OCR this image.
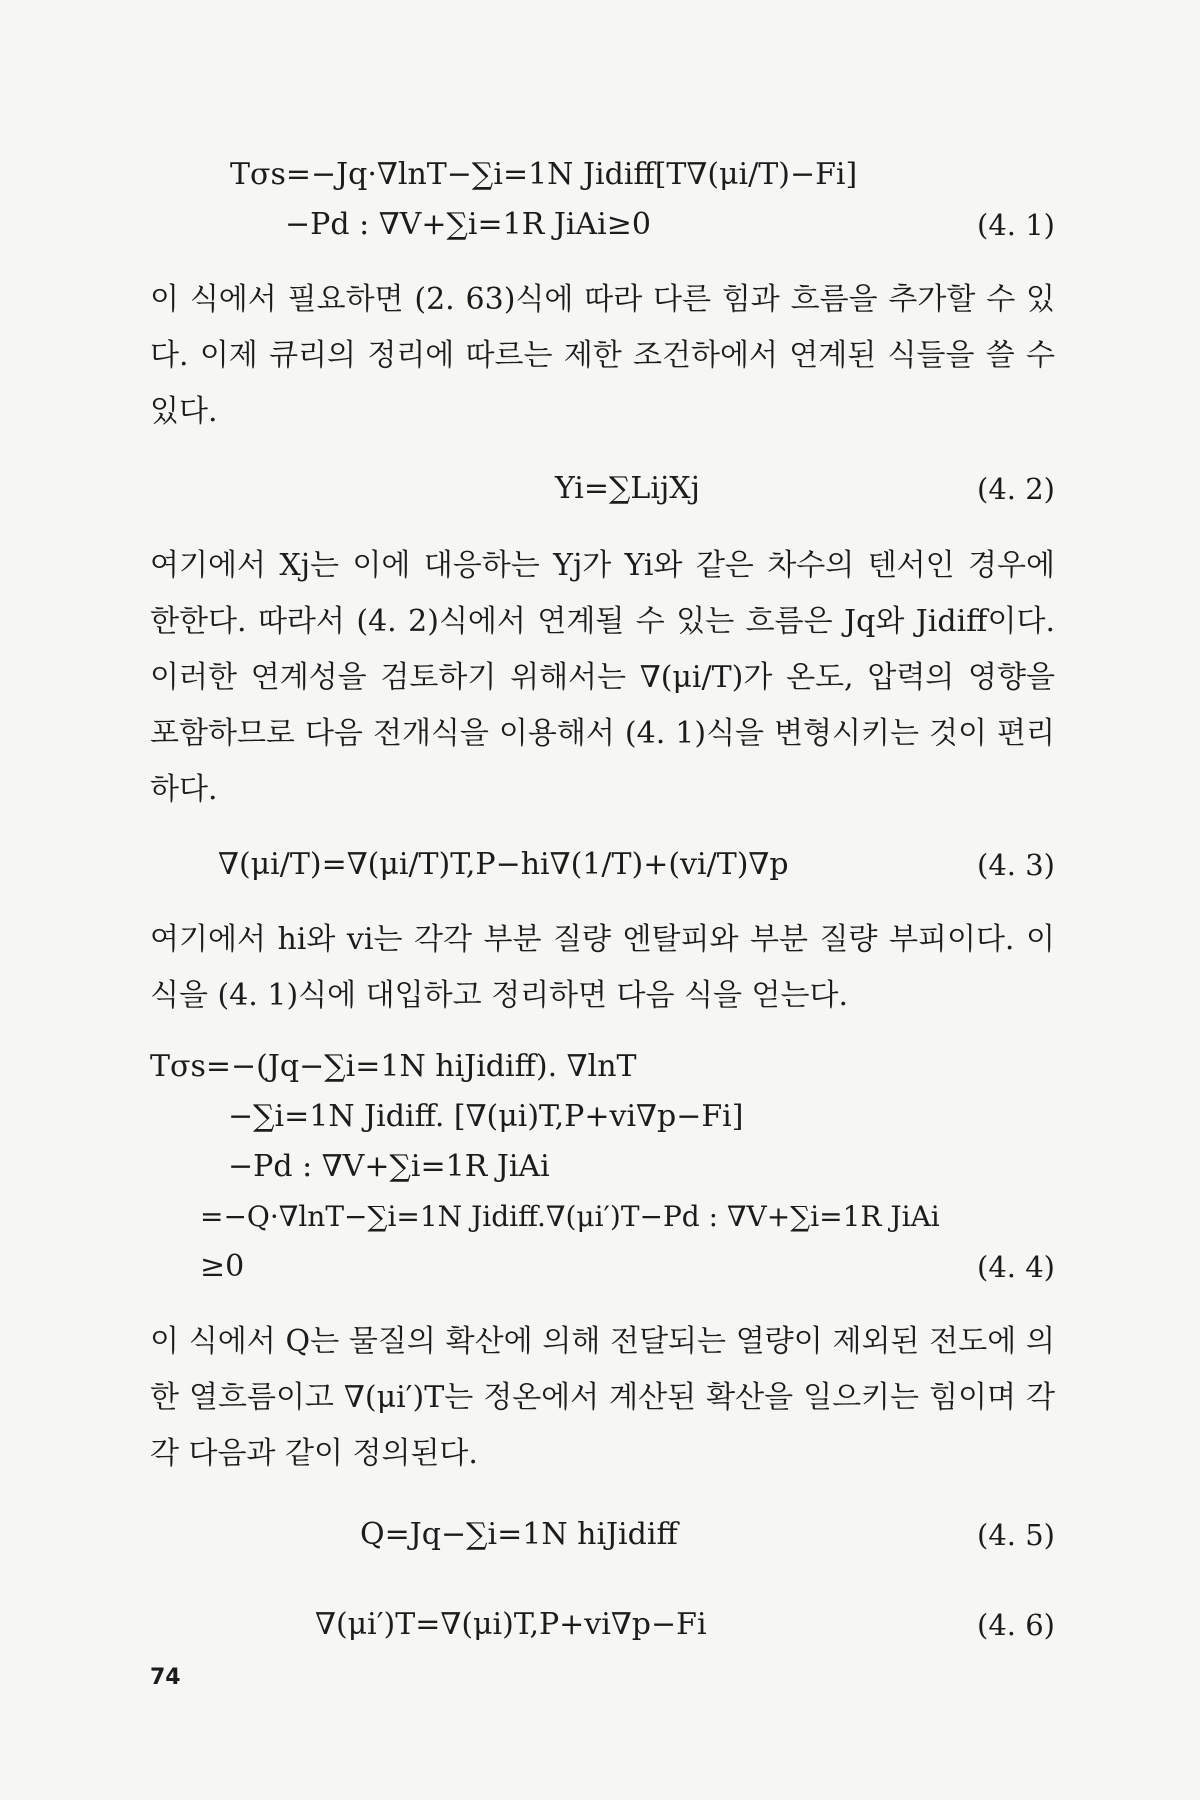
Tσs=−Jq·∇lnT−∑i=1N Jidiff[T∇(μi/T)−Fi]
−Pd : ∇V+∑i=1R JiAi≥0	(4. 1)

이 식에서 필요하면 (2. 63)식에 따라 다른 힘과 흐름을 추가할 수 있다. 이제 큐리의 정리에 따르는 제한 조건하에서 연계된 식들을 쓸 수 있다.

Yi=∑LijXj	(4. 2)

여기에서 Xj는 이에 대응하는 Yj가 Yi와 같은 차수의 텐서인 경우에 한한다. 따라서 (4. 2)식에서 연계될 수 있는 흐름은 Jq와 Jidiff이다. 이러한 연계성을 검토하기 위해서는 ∇(μi/T)가 온도, 압력의 영향을 포함하므로 다음 전개식을 이용해서 (4. 1)식을 변형시키는 것이 편리하다.

∇(μi/T)=∇(μi/T)T,P−hi∇(1/T)+(vi/T)∇p	(4. 3)

여기에서 hi와 vi는 각각 부분 질량 엔탈피와 부분 질량 부피이다. 이 식을 (4. 1)식에 대입하고 정리하면 다음 식을 얻는다.

Tσs=−(Jq−∑i=1N hiJidiff). ∇lnT
−∑i=1N Jidiff. [∇(μi)T,P+vi∇p−Fi]
−Pd : ∇V+∑i=1R JiAi
=−Q·∇lnT−∑i=1N Jidiff.∇(μi′)T−Pd : ∇V+∑i=1R JiAi
≥0	(4. 4)

이 식에서 Q는 물질의 확산에 의해 전달되는 열량이 제외된 전도에 의한 열흐름이고 ∇(μi′)T는 정온에서 계산된 확산을 일으키는 힘이며 각각 다음과 같이 정의된다.

Q=Jq−∑i=1N hiJidiff	(4. 5)
∇(μi′)T=∇(μi)T,P+vi∇p−Fi	(4. 6)
74
